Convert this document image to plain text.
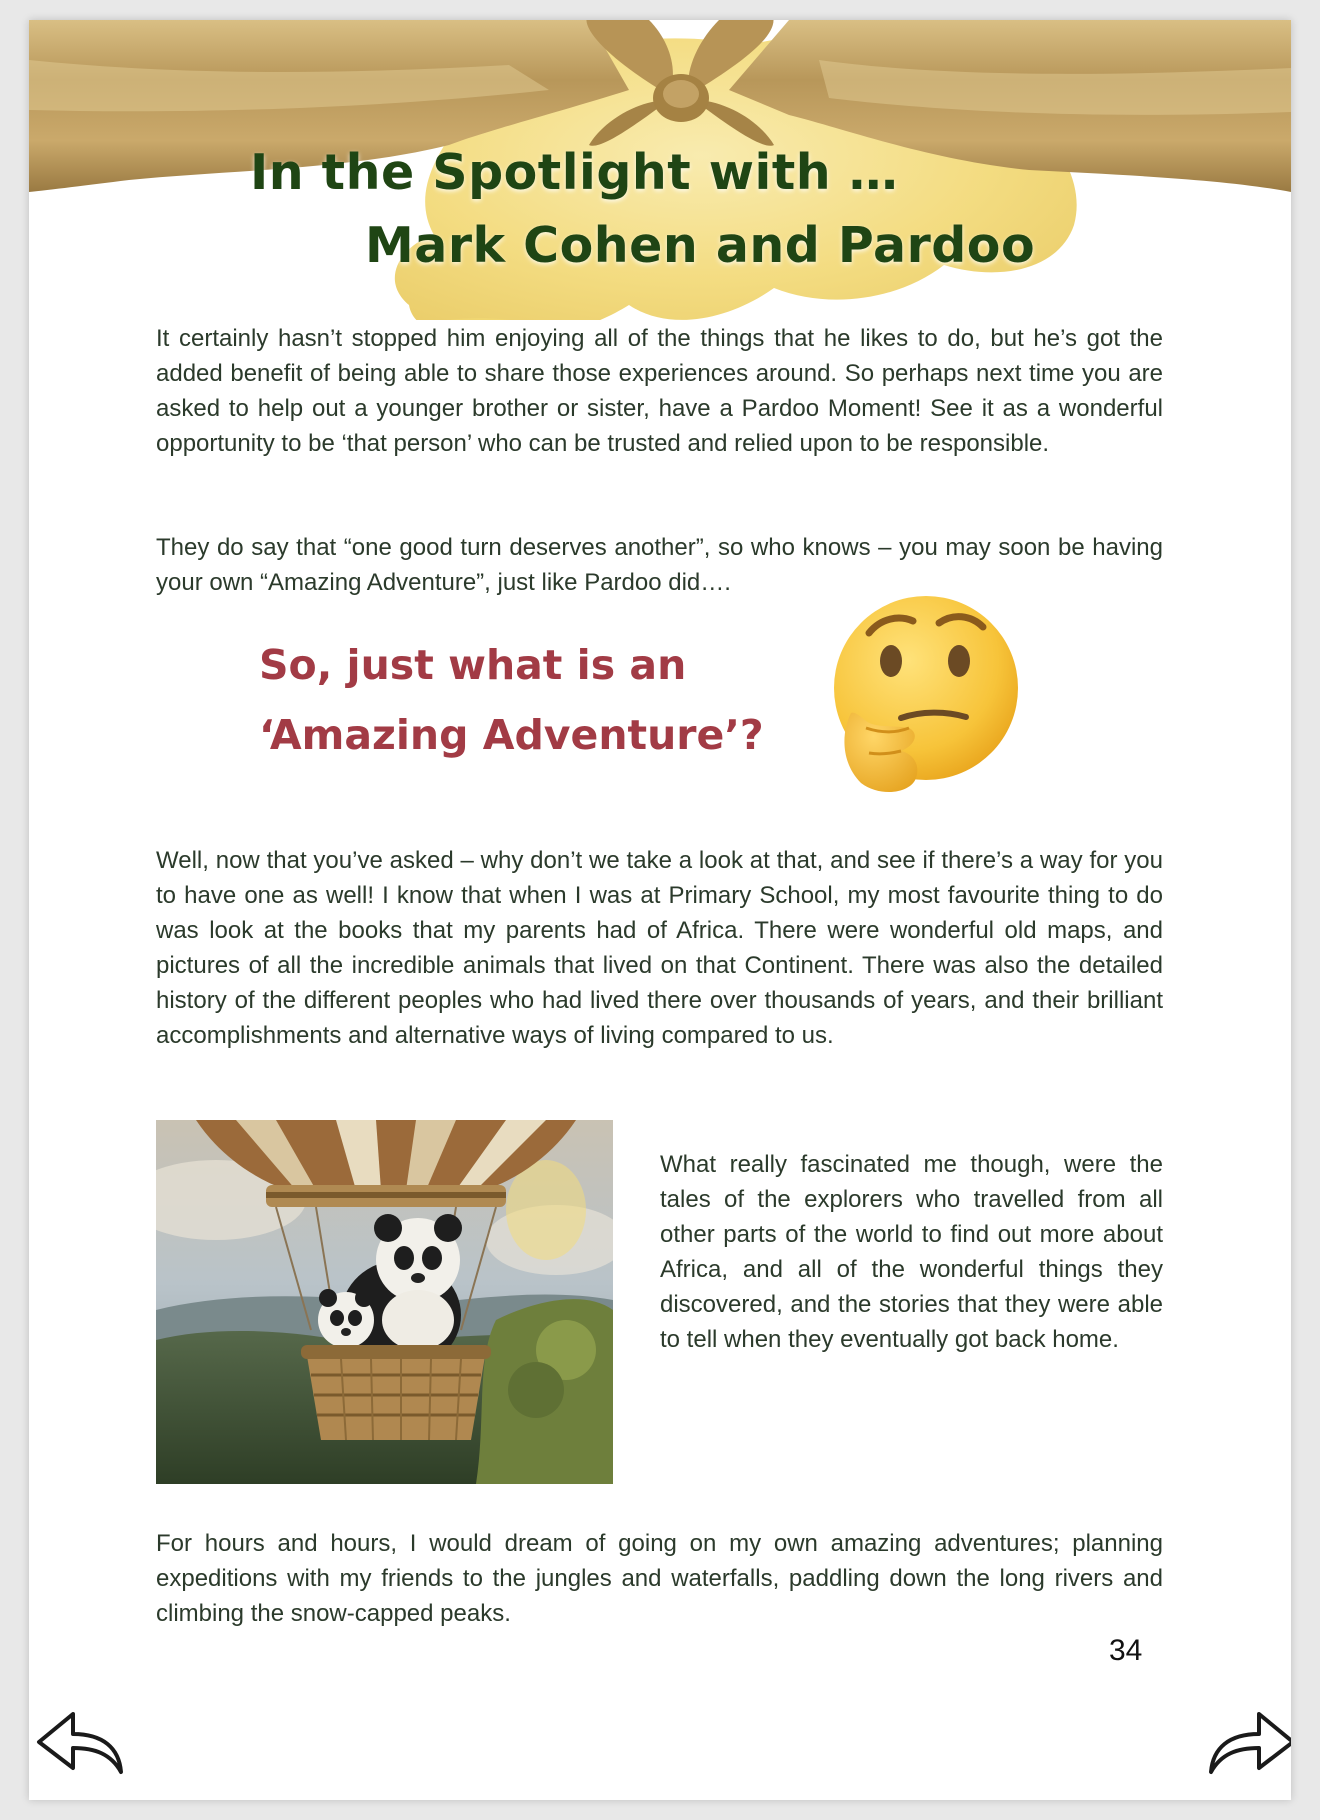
In the Spotlight with …
Mark Cohen and Pardoo

It certainly hasn’t stopped him enjoying all of the things that he likes to do, but he’s got the added benefit of being able to share those experiences around. So perhaps next time you are asked to help out a younger brother or sister, have a Pardoo Moment! See it as a wonderful opportunity to be ‘that person’ who can be trusted and relied upon to be responsible.

They do say that “one good turn deserves another”, so who knows – you may soon be having your own “Amazing Adventure”, just like Pardoo did….

So, just what is an
‘Amazing Adventure’?

Well, now that you’ve asked – why don’t we take a look at that, and see if there’s a way for you to have one as well! I know that when I was at Primary School, my most favourite thing to do was look at the books that my parents had of Africa. There were wonderful old maps, and pictures of all the incredible animals that lived on that Continent. There was also the detailed history of the different peoples who had lived there over thousands of years, and their brilliant accomplishments and alternative ways of living compared to us.

What really fascinated me though, were the tales of the explorers who travelled from all other parts of the world to find out more about Africa, and all of the wonderful things they discovered, and the stories that they were able to tell when they eventually got back home.

For hours and hours, I would dream of going on my own amazing adventures; planning expeditions with my friends to the jungles and waterfalls, paddling down the long rivers and climbing the snow-capped peaks.

34
